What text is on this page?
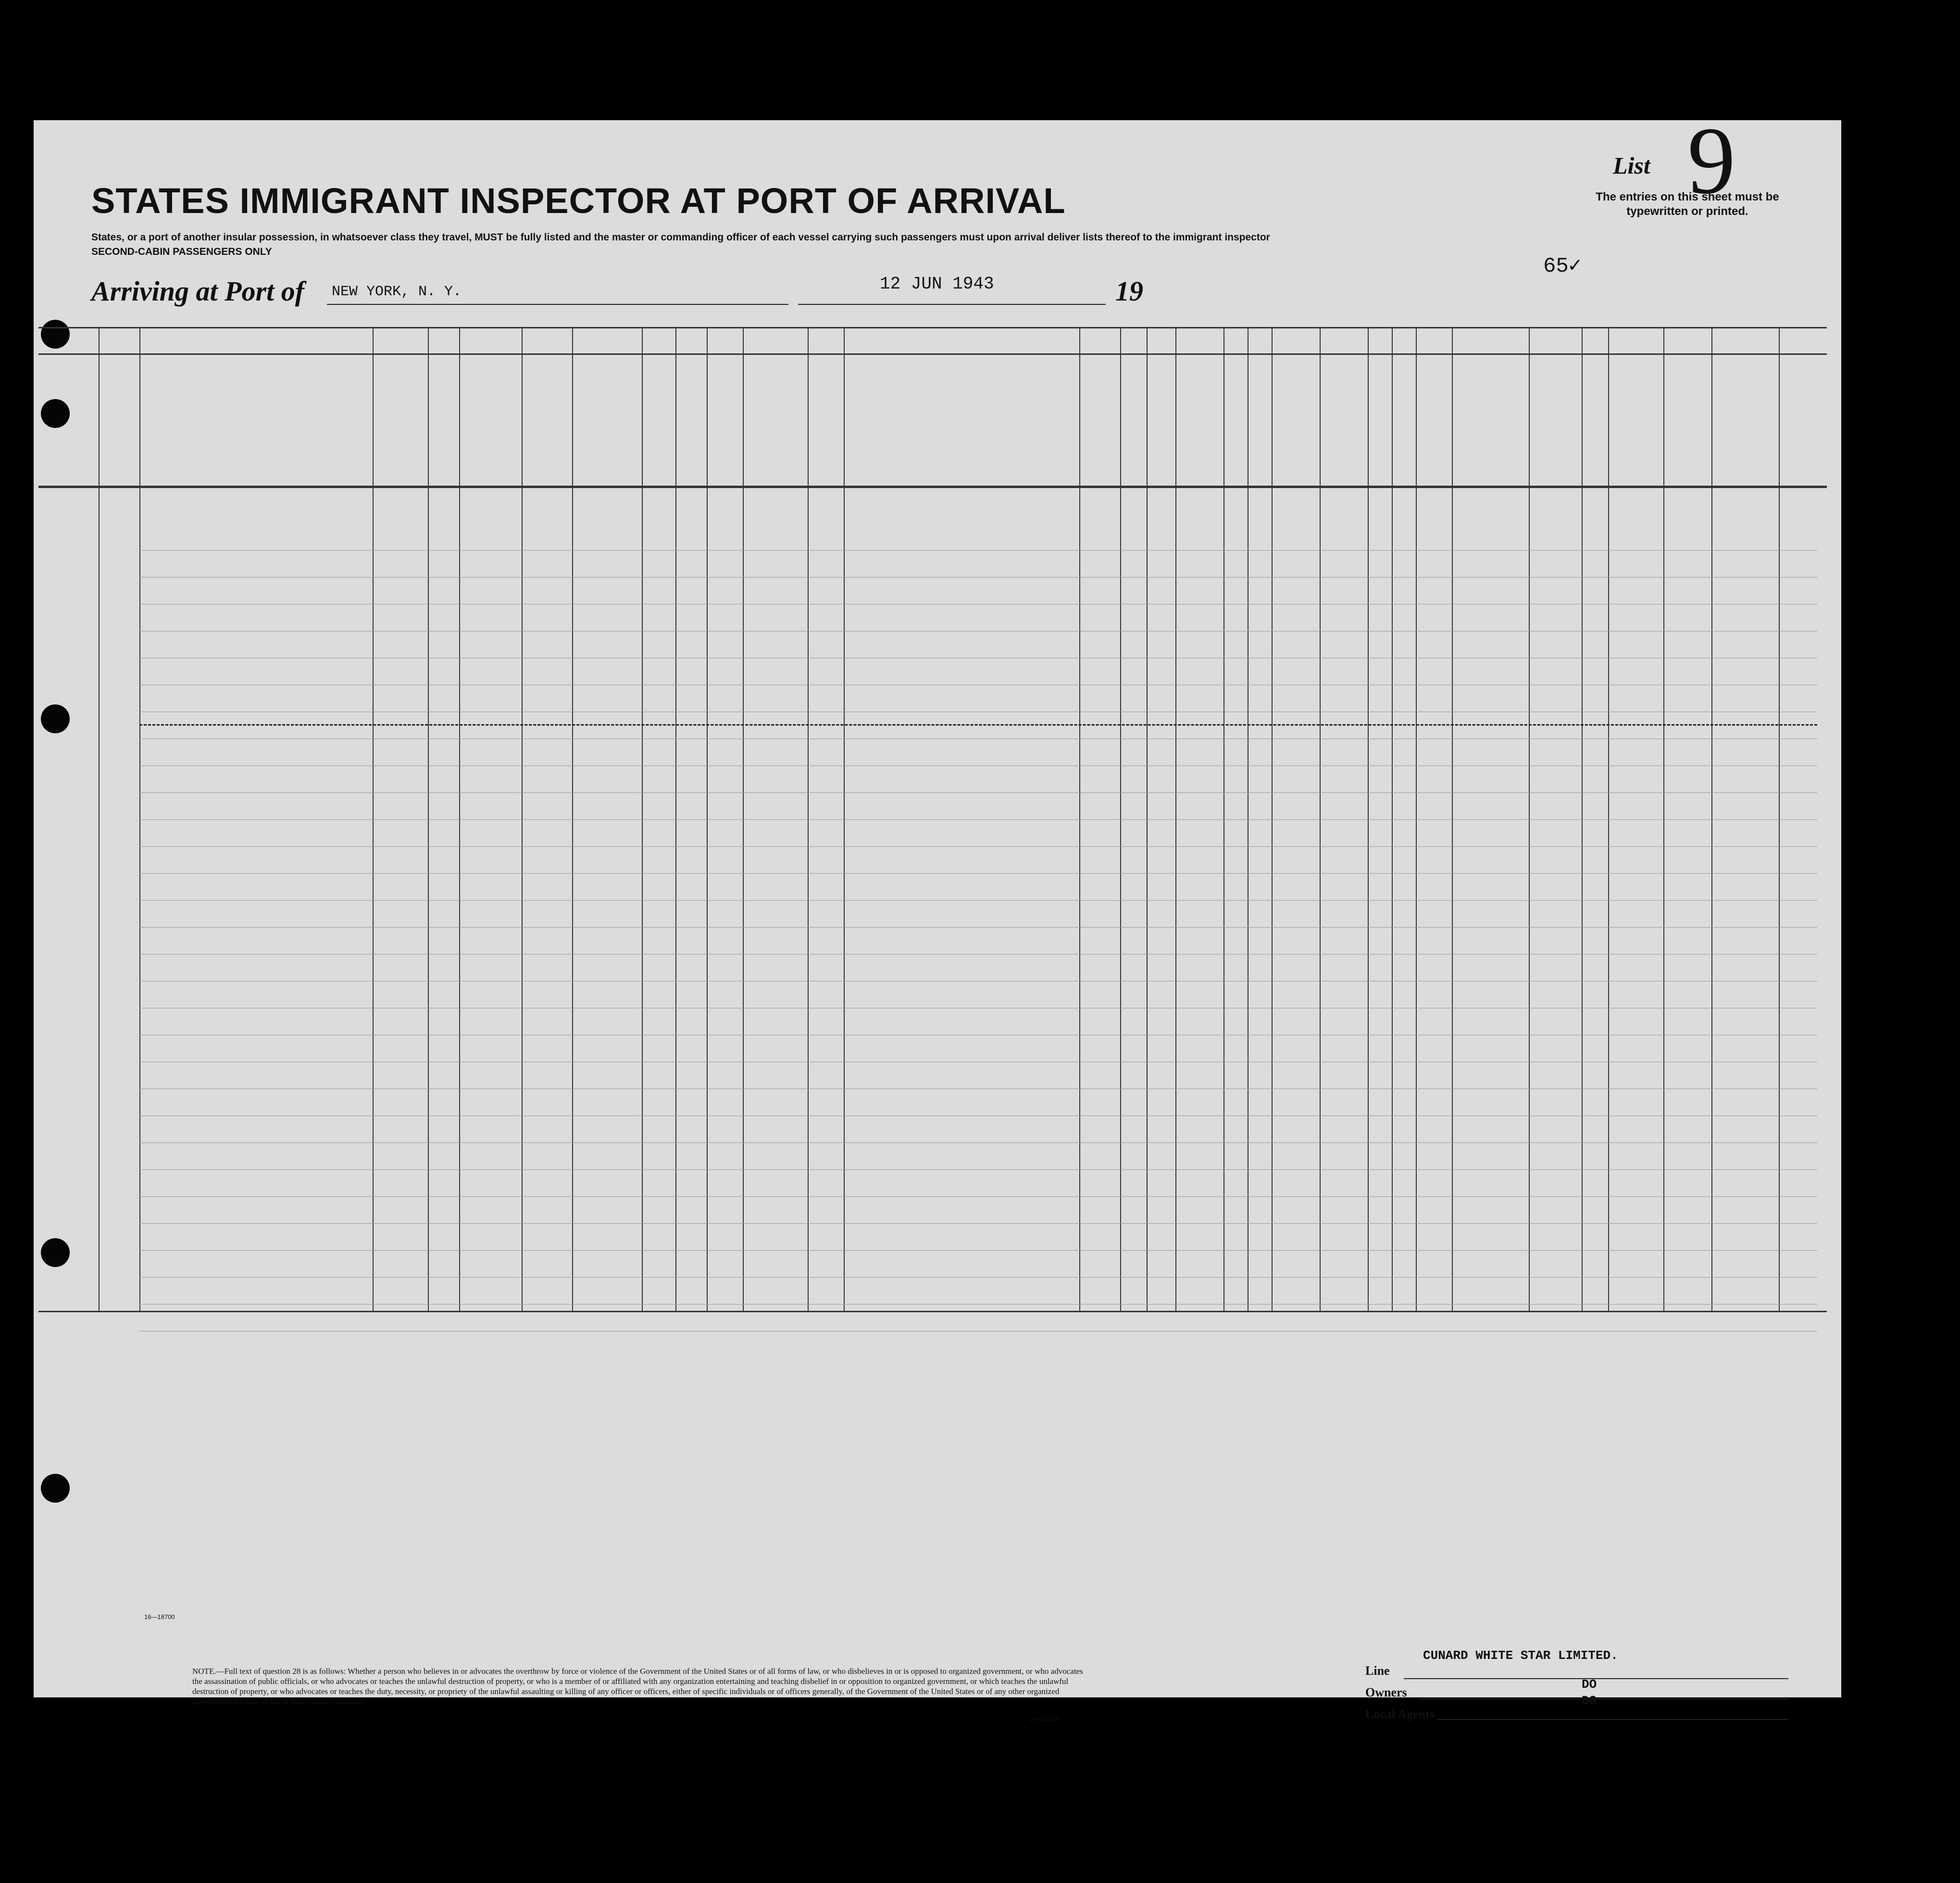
STATES IMMIGRANT INSPECTOR AT PORT OF ARRIVAL
States, or a port of another insular possession, in whatsoever class they travel, MUST be fully listed and the master or commanding officer of each vessel carrying such passengers must upon arrival deliver lists thereof to the immigrant inspector
SECOND-CABIN PASSENGERS ONLY
Arriving at Port of NEW YORK, N. Y.	12 JUN 1943	19
List 9
The entries on this sheet must be typewritten or printed.
65✓
NOTE.—Full text of question 28 is as follows: Whether a person who believes in or advocates the overthrow by force or violence of the Government of the United States or of all forms of law, or who disbelieves in or is opposed to organized government, or who advocates the assassination of public officials, or who advocates or teaches the unlawful destruction of property, or who is a member of or affiliated with any organization entertaining and teaching disbelief in or opposition to organized government, or which teaches the unlawful destruction of property, or who advocates or teaches the duty, necessity, or propriety of the unlawful assaulting or killing of any officer or officers, either of specific individuals or of officers generally, of the Government of the United States or of any other organized government because of his or their official character.
16—18700
16—18700
Line
CUNARD WHITE STAR LIMITED.
Owners
DO
Local Agents
DO
